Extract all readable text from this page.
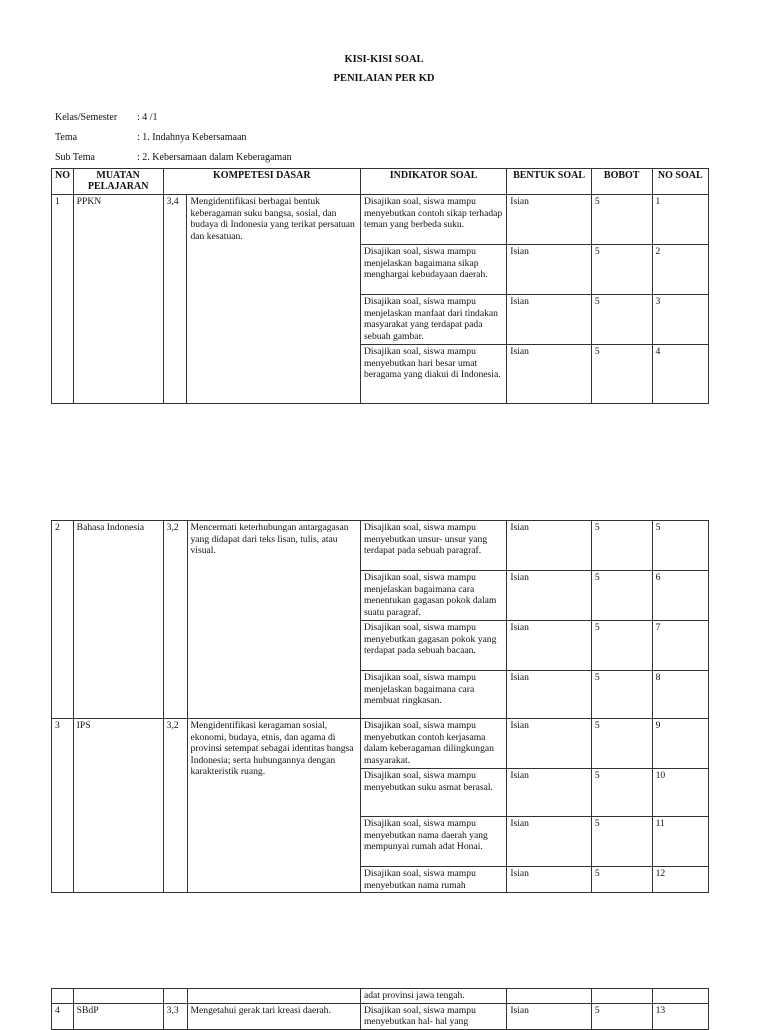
KISI-KISI SOAL
PENILAIAN PER KD
Kelas/Semester : 4 /1
Tema	: 1. Indahnya Kebersamaan
Sub Tema	: 2. Kebersamaan dalam Keberagaman
NO	MUATAN PELAJARAN	KOMPETESI DASAR		INDIKATOR SOAL	BENTUK SOAL	BOBOT	NO SOAL
1	PPKN	3,4	Mengidentifikasi berbagai bentuk keberagaman suku bangsa, sosial, dan budaya di Indonesia yang terikat persatuan dan kesatuan.	Disajikan soal, siswa mampu menyebutkan contoh sikap terhadap teman yang berbeda suku.	Isian	5	1
				Disajikan soal, siswa mampu menjelaskan bagaimana sikap menghargai kebudayaan daerah.	Isian	5	2
				Disajikan soal, siswa mampu menjelaskan manfaat dari tindakan masyarakat yang terdapat pada sebuah gambar.	Isian	5	3
				Disajikan soal, siswa mampu menyebutkan hari besar umat beragama yang diakui di Indonesia.	Isian	5	4
2	Bahasa Indonesia	3,2	Mencermati keterhubungan antargagasan yang didapat dari teks lisan, tulis, atau visual.	Disajikan soal, siswa mampu menyebutkan unsur- unsur yang terdapat pada sebuah paragraf.	Isian	5	5
				Disajikan soal, siswa mampu menjelaskan bagaimana cara menentukan gagasan pokok dalam suatu paragraf.	Isian	5	6
				Disajikan soal, siswa mampu menyebutkan gagasan pokok yang terdapat pada sebuah bacaan.	Isian	5	7
				Disajikan soal, siswa mampu menjelaskan bagaimana cara membuat ringkasan.	Isian	5	8
3	IPS	3,2	Mengidentifikasi keragaman sosial, ekonomi, budaya, etnis, dan agama di provinsi setempat sebagai identitas bangsa Indonesia; serta hubungannya dengan karakteristik ruang.	Disajikan soal, siswa mampu menyebutkan contoh kerjasama dalam keberagaman dilingkungan masyarakat.	Isian	5	9
				Disajikan soal, siswa mampu menyebutkan suku asmat berasal.	Isian	5	10
				Disajikan soal, siswa mampu menyebutkan nama daerah yang mempunyai rumah adat Honai.	Isian	5	11
				Disajikan soal, siswa mampu menyebutkan nama rumah	Isian	5	12
				adat provinsi jawa tengah.			
4	SBdP	3,3	Mengetahui gerak tari kreasi daerah.	Disajikan soal, siswa mampu menyebutkan hal- hal yang	Isian	5	13
